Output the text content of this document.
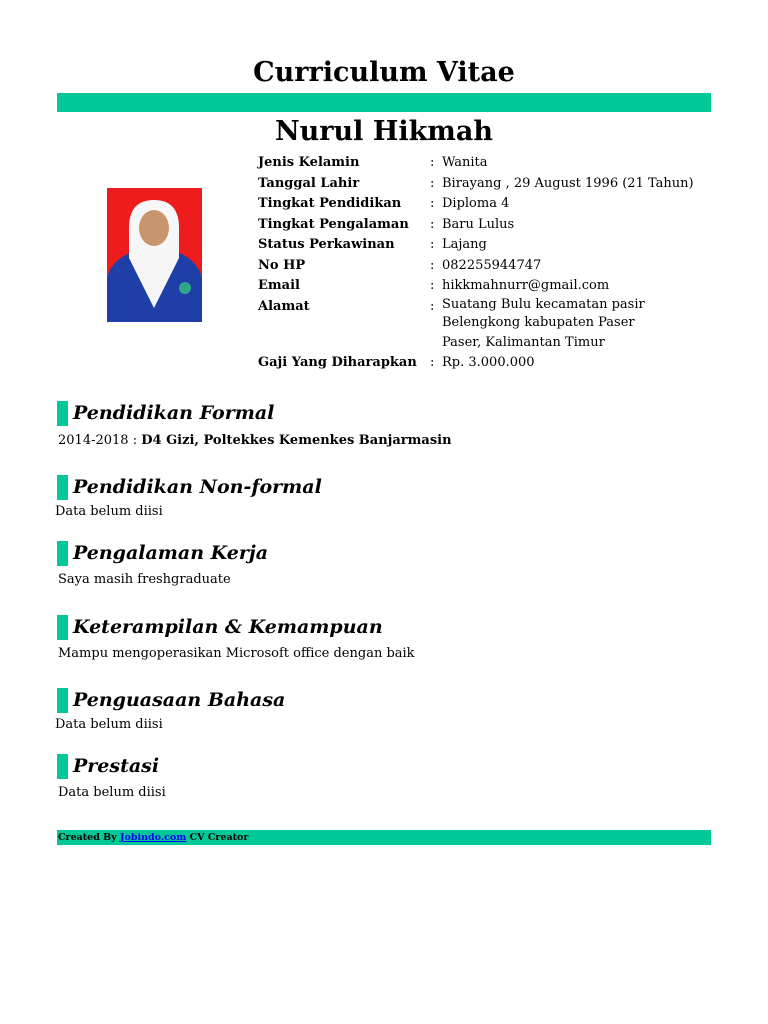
Curriculum Vitae
Nurul Hikmah
Jenis Kelamin	: Wanita
Tanggal Lahir	: Birayang , 29 August 1996 (21 Tahun)
Tingkat Pendidikan	: Diploma 4
Tingkat Pengalaman	: Baru Lulus
Status Perkawinan	: Lajang
No HP	: 082255944747
Email	: hikkmahnurr@gmail.com
Alamat	: Suatang Bulu kecamatan pasir
Belengkong kabupaten Paser
Paser, Kalimantan Timur
Gaji Yang Diharapkan	: Rp. 3.000.000
Pendidikan Formal
2014-2018 : D4 Gizi, Poltekkes Kemenkes Banjarmasin
Pendidikan Non-formal
Data belum diisi
Pengalaman Kerja
Saya masih freshgraduate
Keterampilan & Kemampuan
Mampu mengoperasikan Microsoft office dengan baik
Penguasaan Bahasa
Data belum diisi
Prestasi
Data belum diisi
Created By Jobindo.com CV Creator
